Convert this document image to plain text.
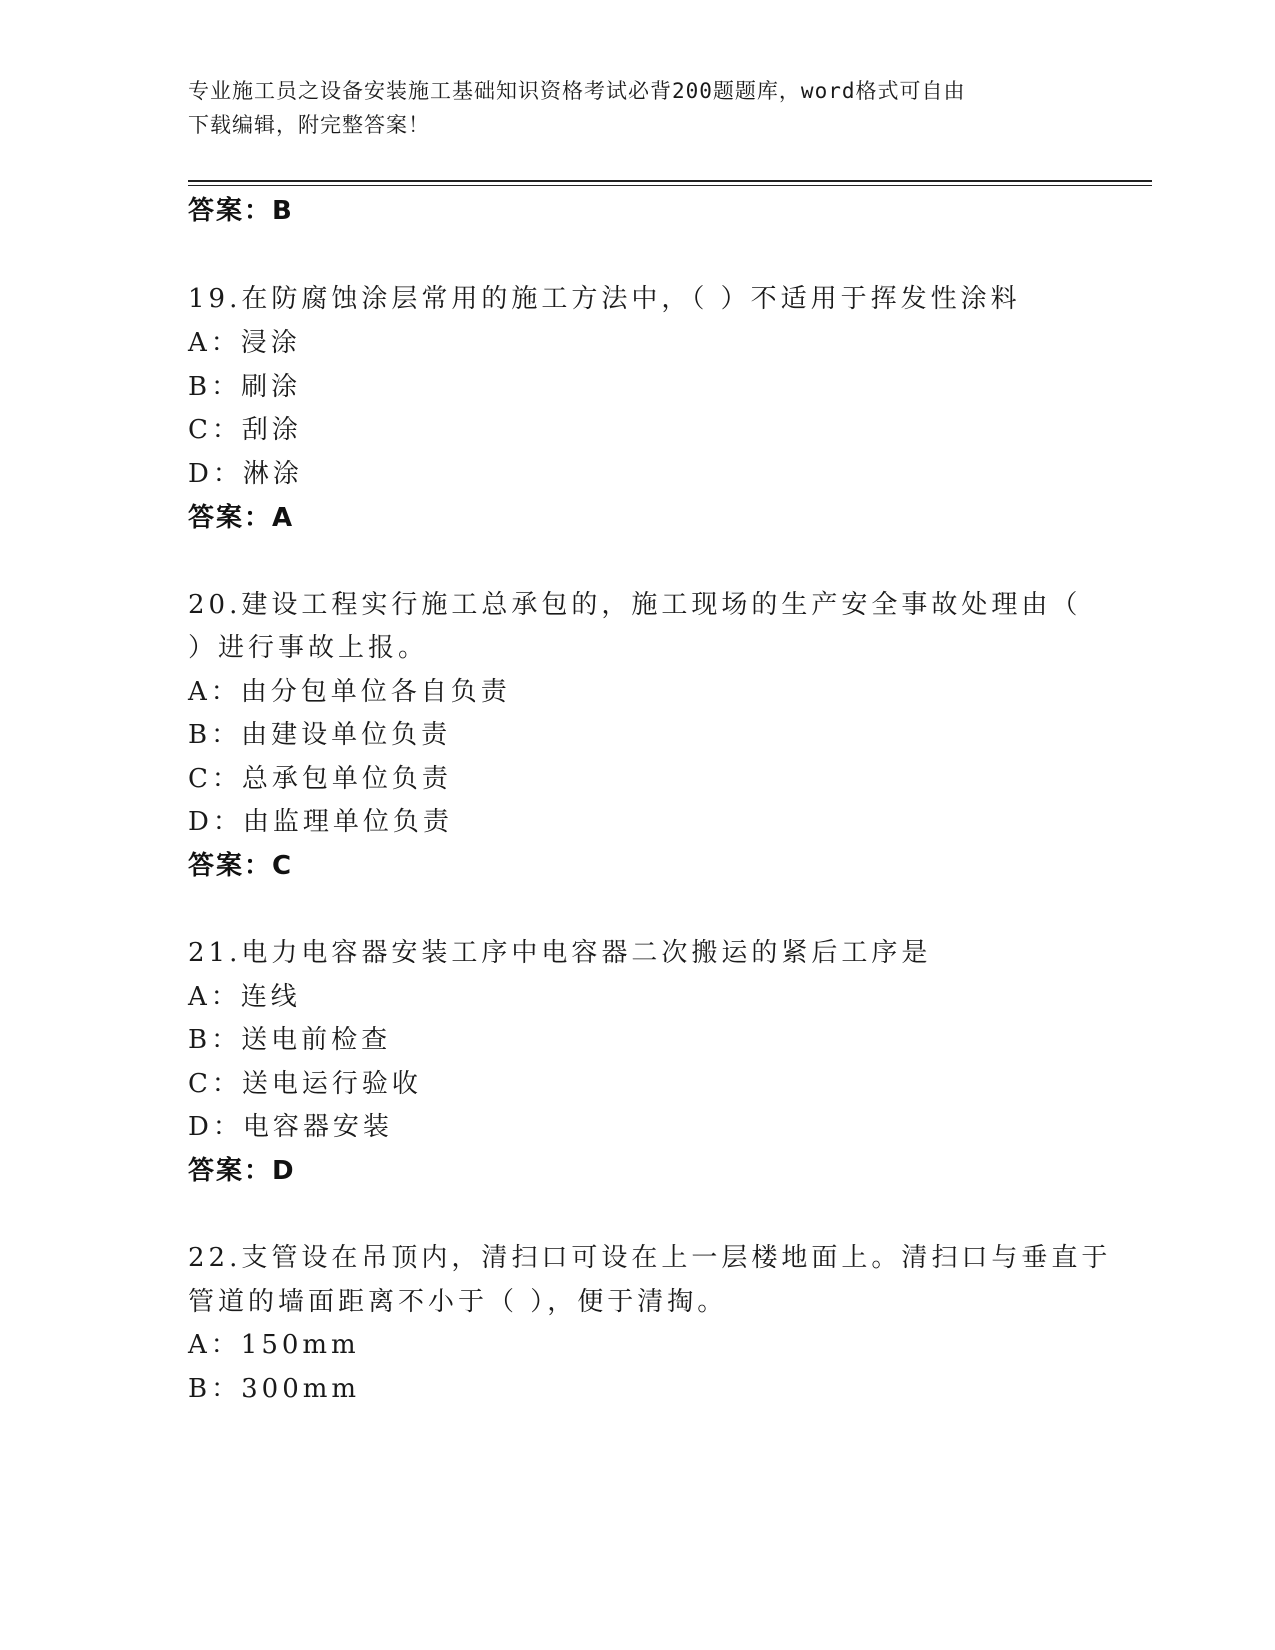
专业施工员之设备安装施工基础知识资格考试必背200题题库，word格式可自由
下载编辑，附完整答案！
答案：B
19.在防腐蚀涂层常用的施工方法中，（ ）不适用于挥发性涂料
A：浸涂
B：刷涂
C：刮涂
D：淋涂
答案：A
20.建设工程实行施工总承包的，施工现场的生产安全事故处理由（
）进行事故上报。
A：由分包单位各自负责
B：由建设单位负责
C：总承包单位负责
D：由监理单位负责
答案：C
21.电力电容器安装工序中电容器二次搬运的紧后工序是
A：连线
B：送电前检查
C：送电运行验收
D：电容器安装
答案：D
22.支管设在吊顶内，清扫口可设在上一层楼地面上。清扫口与垂直于
管道的墙面距离不小于（ ），便于清掏。
A：150mm
B：300mm
